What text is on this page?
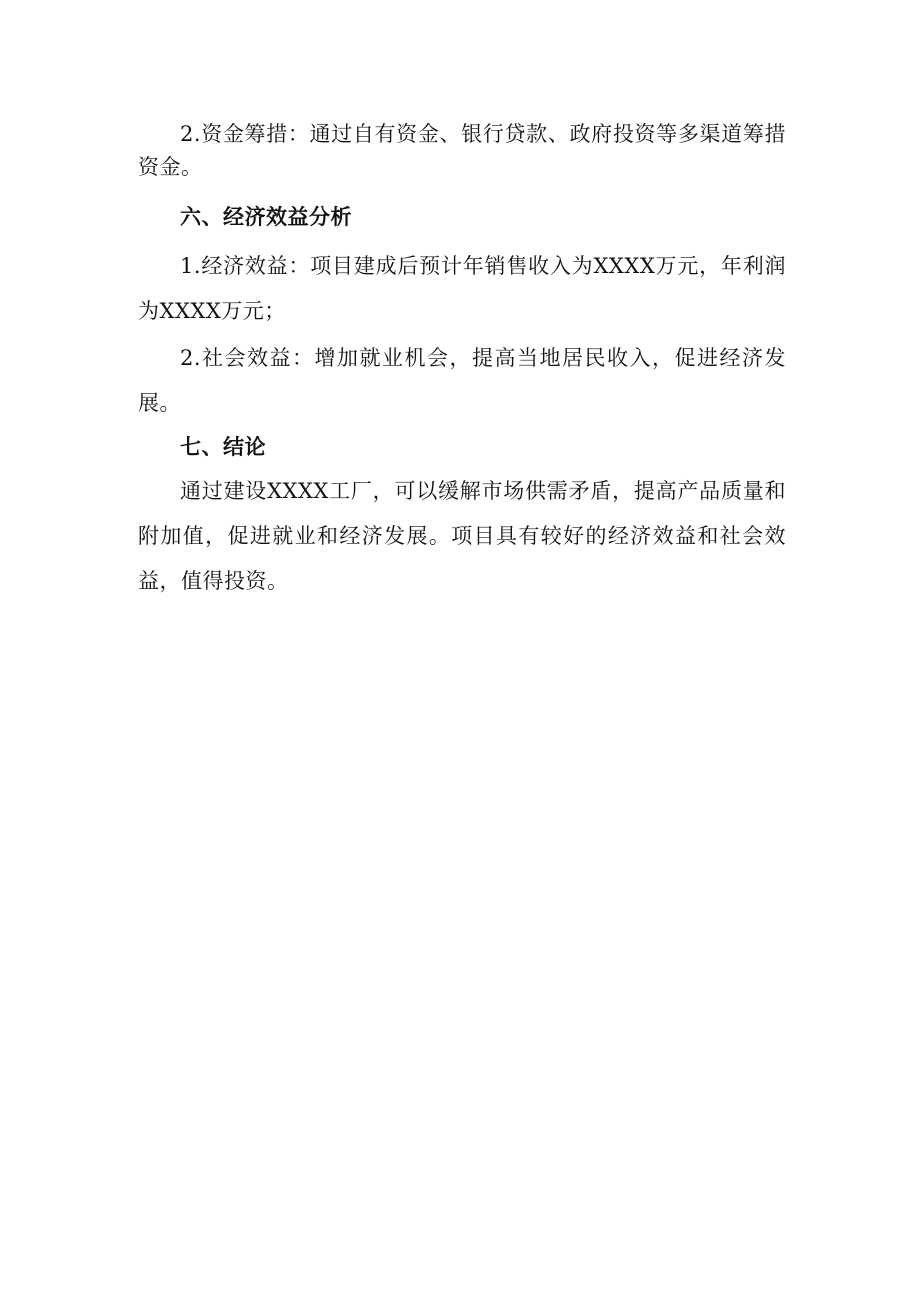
2.资金筹措：通过自有资金、银行贷款、政府投资等多渠道筹措资金。

六、经济效益分析

1.经济效益：项目建成后预计年销售收入为XXXX万元，年利润为XXXX万元；

2.社会效益：增加就业机会，提高当地居民收入，促进经济发展。

七、结论

通过建设XXXX工厂，可以缓解市场供需矛盾，提高产品质量和附加值，促进就业和经济发展。项目具有较好的经济效益和社会效益，值得投资。
